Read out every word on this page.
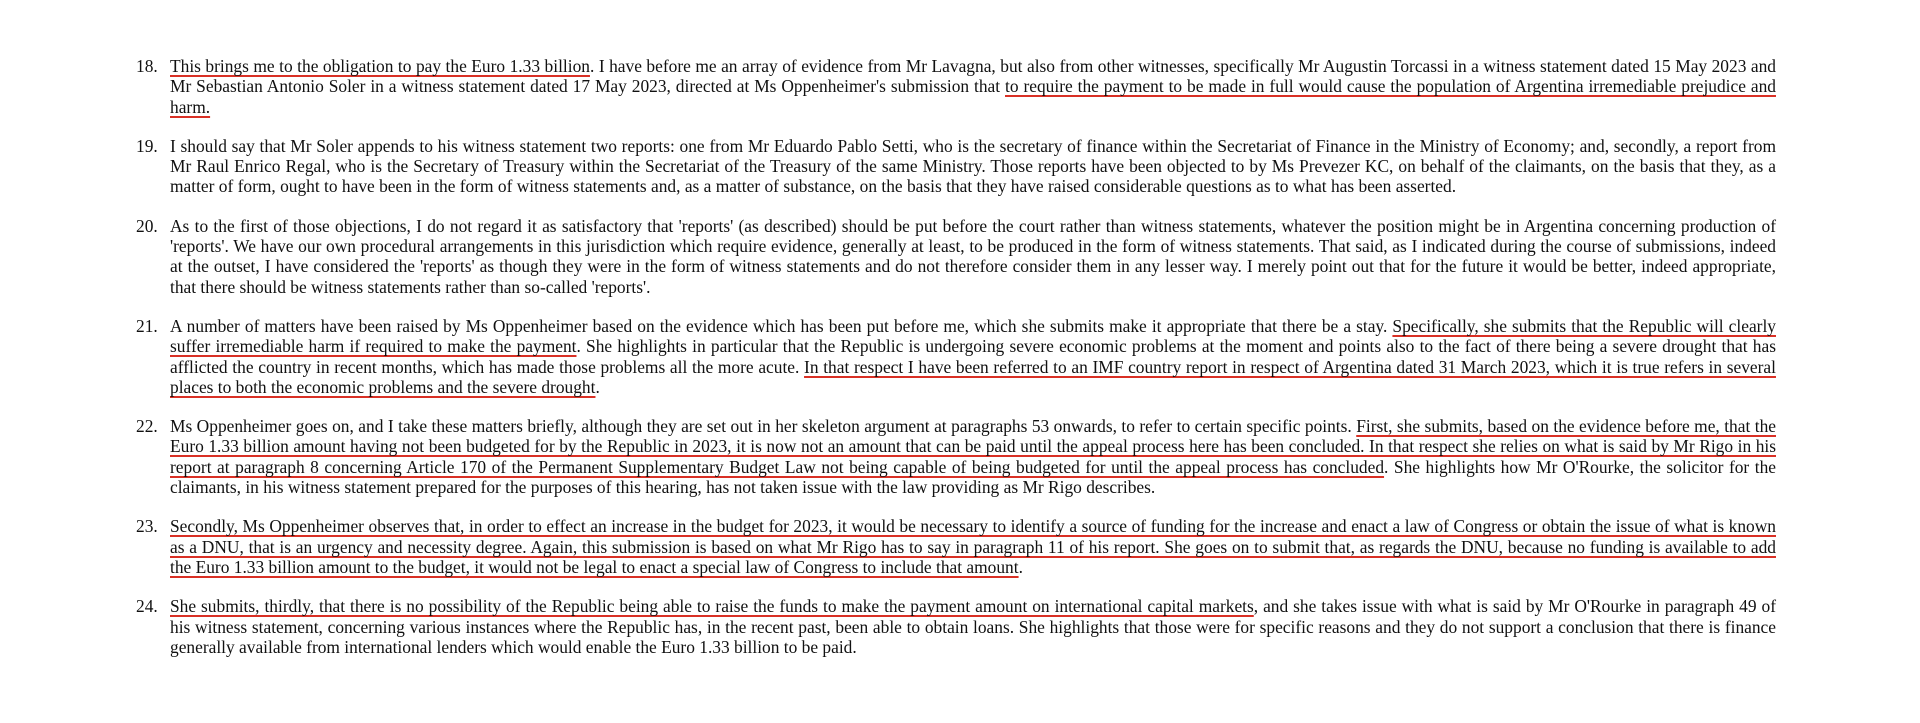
18. This brings me to the obligation to pay the Euro 1.33 billion. I have before me an array of evidence from Mr Lavagna, but also from other witnesses, specifically Mr Augustin Torcassi in a witness statement dated 15 May 2023 and Mr Sebastian Antonio Soler in a witness statement dated 17 May 2023, directed at Ms Oppenheimer's submission that to require the payment to be made in full would cause the population of Argentina irremediable prejudice and harm.
19. I should say that Mr Soler appends to his witness statement two reports: one from Mr Eduardo Pablo Setti, who is the secretary of finance within the Secretariat of Finance in the Ministry of Economy; and, secondly, a report from Mr Raul Enrico Regal, who is the Secretary of Treasury within the Secretariat of the Treasury of the same Ministry. Those reports have been objected to by Ms Prevezer KC, on behalf of the claimants, on the basis that they, as a matter of form, ought to have been in the form of witness statements and, as a matter of substance, on the basis that they have raised considerable questions as to what has been asserted.
20. As to the first of those objections, I do not regard it as satisfactory that 'reports' (as described) should be put before the court rather than witness statements, whatever the position might be in Argentina concerning production of 'reports'. We have our own procedural arrangements in this jurisdiction which require evidence, generally at least, to be produced in the form of witness statements. That said, as I indicated during the course of submissions, indeed at the outset, I have considered the 'reports' as though they were in the form of witness statements and do not therefore consider them in any lesser way. I merely point out that for the future it would be better, indeed appropriate, that there should be witness statements rather than so-called 'reports'.
21. A number of matters have been raised by Ms Oppenheimer based on the evidence which has been put before me, which she submits make it appropriate that there be a stay. Specifically, she submits that the Republic will clearly suffer irremediable harm if required to make the payment. She highlights in particular that the Republic is undergoing severe economic problems at the moment and points also to the fact of there being a severe drought that has afflicted the country in recent months, which has made those problems all the more acute. In that respect I have been referred to an IMF country report in respect of Argentina dated 31 March 2023, which it is true refers in several places to both the economic problems and the severe drought.
22. Ms Oppenheimer goes on, and I take these matters briefly, although they are set out in her skeleton argument at paragraphs 53 onwards, to refer to certain specific points. First, she submits, based on the evidence before me, that the Euro 1.33 billion amount having not been budgeted for by the Republic in 2023, it is now not an amount that can be paid until the appeal process here has been concluded. In that respect she relies on what is said by Mr Rigo in his report at paragraph 8 concerning Article 170 of the Permanent Supplementary Budget Law not being capable of being budgeted for until the appeal process has concluded. She highlights how Mr O'Rourke, the solicitor for the claimants, in his witness statement prepared for the purposes of this hearing, has not taken issue with the law providing as Mr Rigo describes.
23. Secondly, Ms Oppenheimer observes that, in order to effect an increase in the budget for 2023, it would be necessary to identify a source of funding for the increase and enact a law of Congress or obtain the issue of what is known as a DNU, that is an urgency and necessity degree. Again, this submission is based on what Mr Rigo has to say in paragraph 11 of his report. She goes on to submit that, as regards the DNU, because no funding is available to add the Euro 1.33 billion amount to the budget, it would not be legal to enact a special law of Congress to include that amount.
24. She submits, thirdly, that there is no possibility of the Republic being able to raise the funds to make the payment amount on international capital markets, and she takes issue with what is said by Mr O'Rourke in paragraph 49 of his witness statement, concerning various instances where the Republic has, in the recent past, been able to obtain loans. She highlights that those were for specific reasons and they do not support a conclusion that there is finance generally available from international lenders which would enable the Euro 1.33 billion to be paid.
